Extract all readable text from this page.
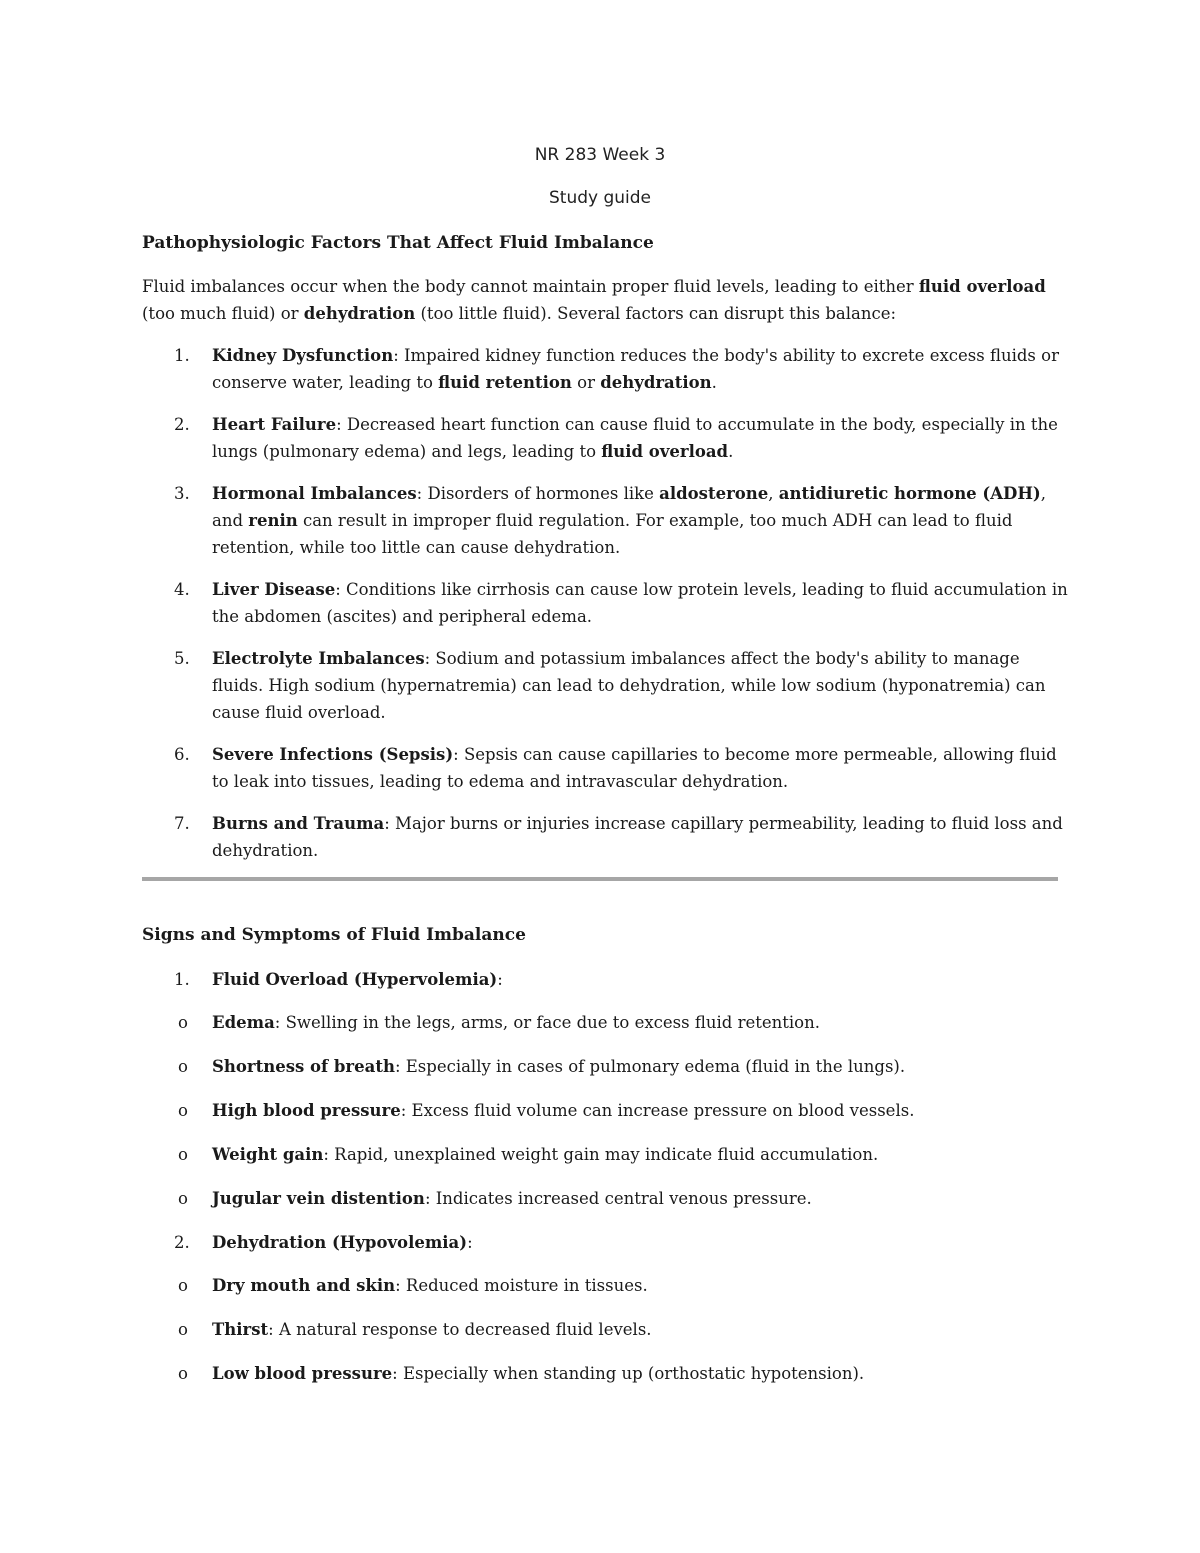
NR 283 Week 3
Study guide
Pathophysiologic Factors That Affect Fluid Imbalance
Fluid imbalances occur when the body cannot maintain proper fluid levels, leading to either fluid overload (too much fluid) or dehydration (too little fluid). Several factors can disrupt this balance:
1. Kidney Dysfunction: Impaired kidney function reduces the body's ability to excrete excess fluids or conserve water, leading to fluid retention or dehydration.
2. Heart Failure: Decreased heart function can cause fluid to accumulate in the body, especially in the lungs (pulmonary edema) and legs, leading to fluid overload.
3. Hormonal Imbalances: Disorders of hormones like aldosterone, antidiuretic hormone (ADH), and renin can result in improper fluid regulation. For example, too much ADH can lead to fluid retention, while too little can cause dehydration.
4. Liver Disease: Conditions like cirrhosis can cause low protein levels, leading to fluid accumulation in the abdomen (ascites) and peripheral edema.
5. Electrolyte Imbalances: Sodium and potassium imbalances affect the body's ability to manage fluids. High sodium (hypernatremia) can lead to dehydration, while low sodium (hyponatremia) can cause fluid overload.
6. Severe Infections (Sepsis): Sepsis can cause capillaries to become more permeable, allowing fluid to leak into tissues, leading to edema and intravascular dehydration.
7. Burns and Trauma: Major burns or injuries increase capillary permeability, leading to fluid loss and dehydration.
Signs and Symptoms of Fluid Imbalance
1. Fluid Overload (Hypervolemia):
o Edema: Swelling in the legs, arms, or face due to excess fluid retention.
o Shortness of breath: Especially in cases of pulmonary edema (fluid in the lungs).
o High blood pressure: Excess fluid volume can increase pressure on blood vessels.
o Weight gain: Rapid, unexplained weight gain may indicate fluid accumulation.
o Jugular vein distention: Indicates increased central venous pressure.
2. Dehydration (Hypovolemia):
o Dry mouth and skin: Reduced moisture in tissues.
o Thirst: A natural response to decreased fluid levels.
o Low blood pressure: Especially when standing up (orthostatic hypotension).
